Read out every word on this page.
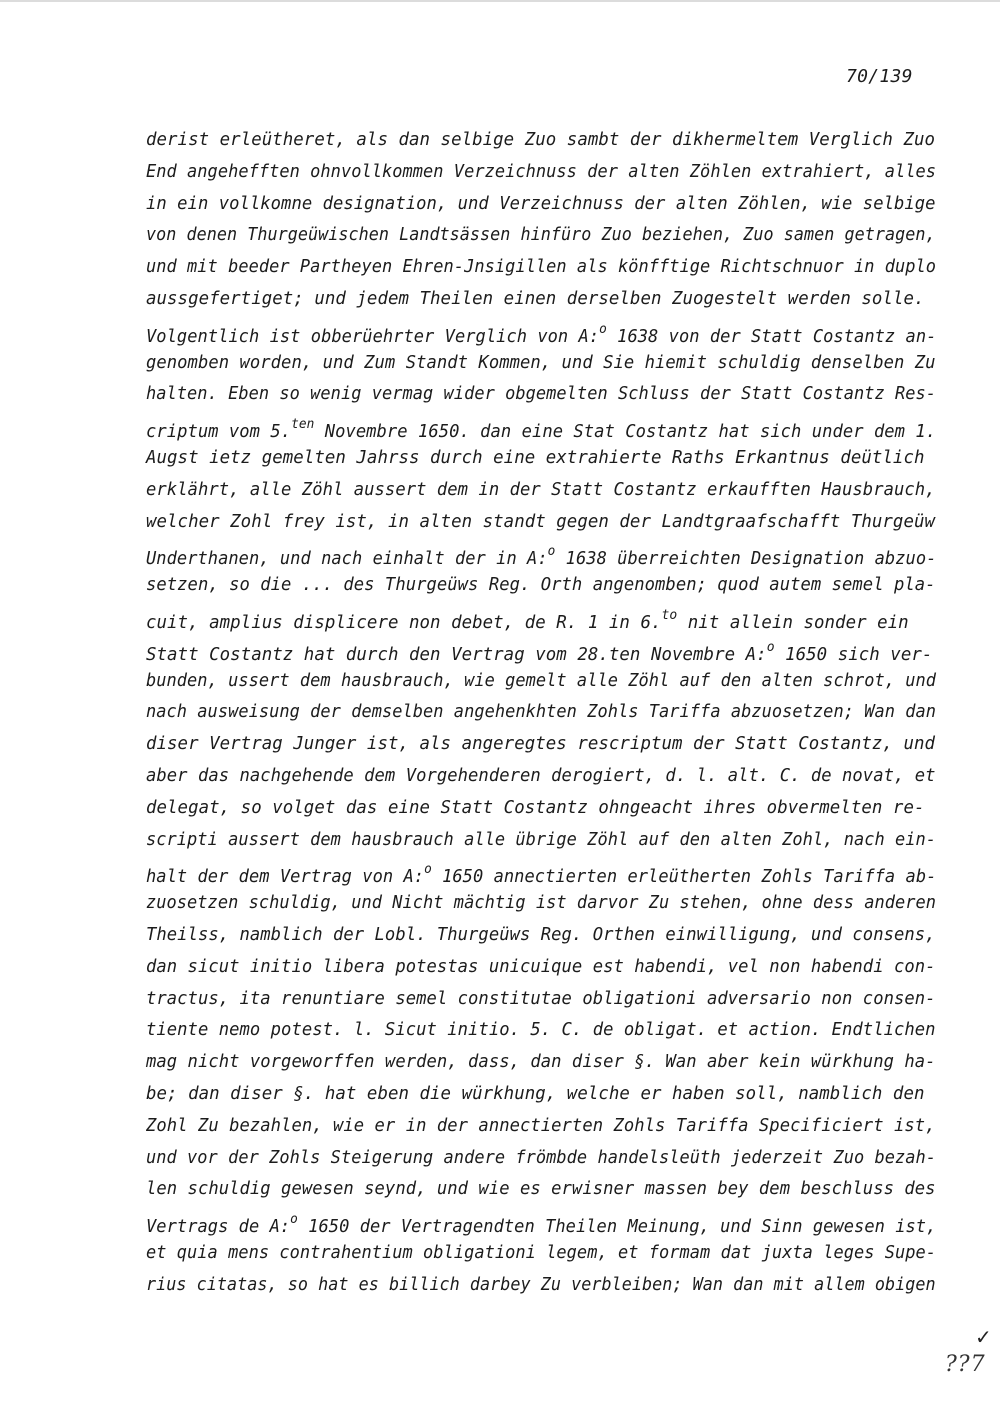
70/139
derist erleütheret, als dan selbige Zuo sambt der dikhermeltem Verglich Zuo
End angehefften ohnvollkommen Verzeichnuss der alten Zöhlen extrahiert, alles
in ein vollkomne designation, und Verzeichnuss der alten Zöhlen, wie selbige
von denen Thurgeüwischen Landtsässen hinfüro Zuo beziehen, Zuo samen getragen,
und mit beeder Partheyen Ehren-Jnsigillen als könfftige Richtschnuor in duplo
aussgefertiget; und jedem Theilen einen derselben Zuogestelt werden solle.
Volgentlich ist obberüehrter Verglich von A:$^o$ 1638 von der Statt Costantz an-
genomben worden, und Zum Standt Kommen, und Sie hiemit schuldig denselben Zu
halten. Eben so wenig vermag wider obgemelten Schluss der Statt Costantz Res-
criptum vom 5.$^{ten}$ Novembre 1650. dan eine Stat Costantz hat sich under dem 1.
Augst ietz gemelten Jahrss durch eine extrahierte Raths Erkantnus deütlich
erklährt, alle Zöhl aussert dem in der Statt Costantz erkaufften Hausbrauch,
welcher Zohl frey ist, in alten standt gegen der Landtgraafschafft Thurgeüw
Underthanen, und nach einhalt der in A:$^o$ 1638 überreichten Designation abzuo-
setzen, so die ... des Thurgeüws Reg. Orth angenomben; quod autem semel pla-
cuit, amplius displicere non debet, de R. 1 in 6.$^{to}$ nit allein sonder ein
Statt Costantz hat durch den Vertrag vom 28.ten Novembre A:$^o$ 1650 sich ver-
bunden, ussert dem hausbrauch, wie gemelt alle Zöhl auf den alten schrot, und
nach ausweisung der demselben angehenkhten Zohls Tariffa abzuosetzen; Wan dan
diser Vertrag Junger ist, als angeregtes rescriptum der Statt Costantz, und
aber das nachgehende dem Vorgehenderen derogiert, d. l. alt. C. de novat, et
delegat, so volget das eine Statt Costantz ohngeacht ihres obvermelten re-
scripti aussert dem hausbrauch alle übrige Zöhl auf den alten Zohl, nach ein-
halt der dem Vertrag von A:$^o$ 1650 annectierten erleütherten Zohls Tariffa ab-
zuosetzen schuldig, und Nicht mächtig ist darvor Zu stehen, ohne dess anderen
Theilss, namblich der Lobl. Thurgeüws Reg. Orthen einwilligung, und consens,
dan sicut initio libera potestas unicuique est habendi, vel non habendi con-
tractus, ita renuntiare semel constitutae obligationi adversario non consen-
tiente nemo potest. l. Sicut initio. 5. C. de obligat. et action. Endtlichen
mag nicht vorgeworffen werden, dass, dan diser §. Wan aber kein würkhung ha-
be; dan diser §. hat eben die würkhung, welche er haben soll, namblich den
Zohl Zu bezahlen, wie er in der annectierten Zohls Tariffa Specificiert ist,
und vor der Zohls Steigerung andere frömbde handelsleüth jederzeit Zuo bezah-
len schuldig gewesen seynd, und wie es erwisner massen bey dem beschluss des
Vertrags de A:$^o$ 1650 der Vertragendten Theilen Meinung, und Sinn gewesen ist,
et quia mens contrahentium obligationi legem, et formam dat juxta leges Supe-
rius citatas, so hat es billich darbey Zu verbleiben; Wan dan mit allem obigen
✓
??7
